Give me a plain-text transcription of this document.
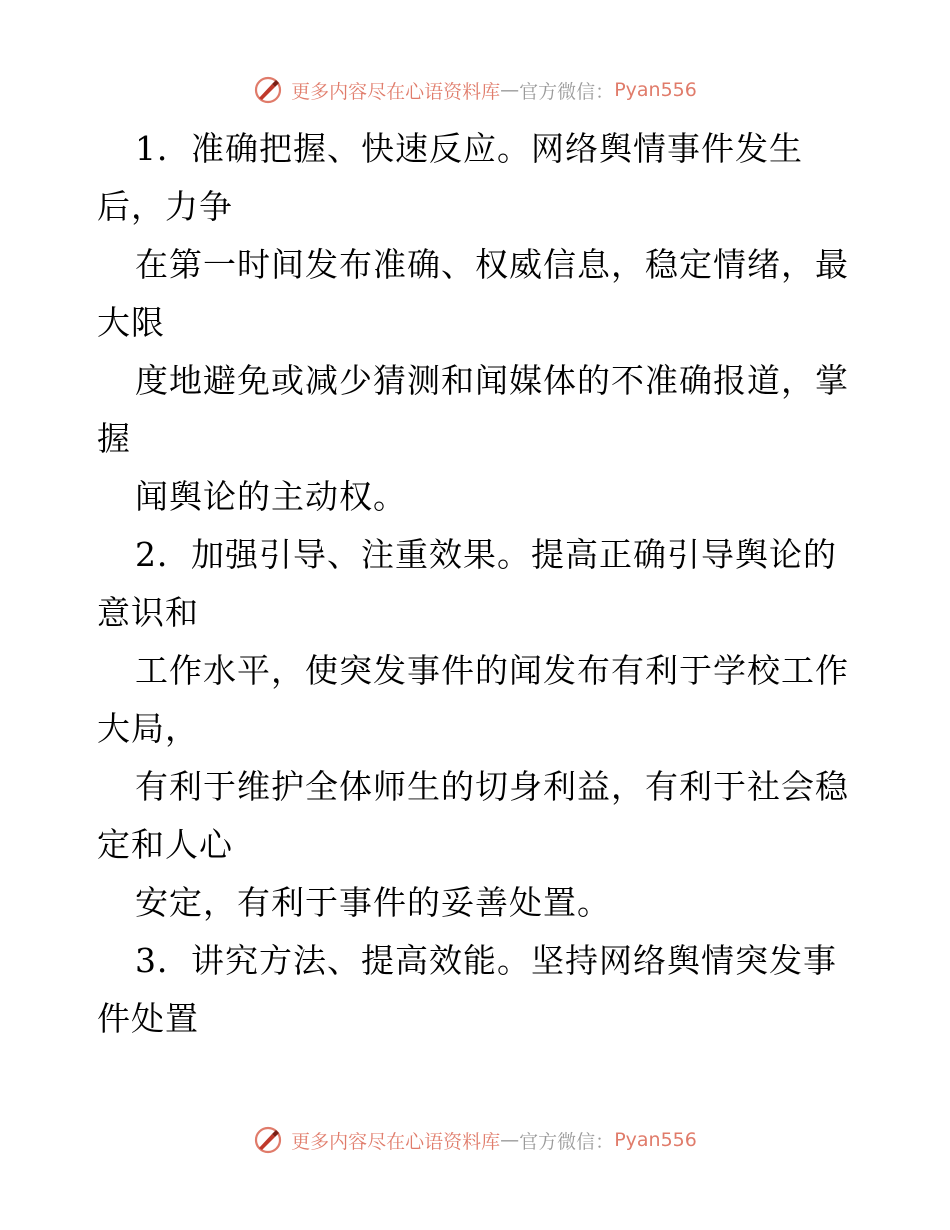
更多内容尽在心语资料库 — 官方微信： Pyan556
1．准确把握、快速反应。网络舆情事件发生
后，力争
在第一时间发布准确、权威信息，稳定情绪，最
大限
度地避免或减少猜测和闻媒体的不准确报道，掌
握
闻舆论的主动权。
2．加强引导、注重效果。提高正确引导舆论的
意识和
工作水平，使突发事件的闻发布有利于学校工作
大局，
有利于维护全体师生的切身利益，有利于社会稳
定和人心
安定，有利于事件的妥善处置。
3．讲究方法、提高效能。坚持网络舆情突发事
件处置
更多内容尽在心语资料库 — 官方微信： Pyan556
